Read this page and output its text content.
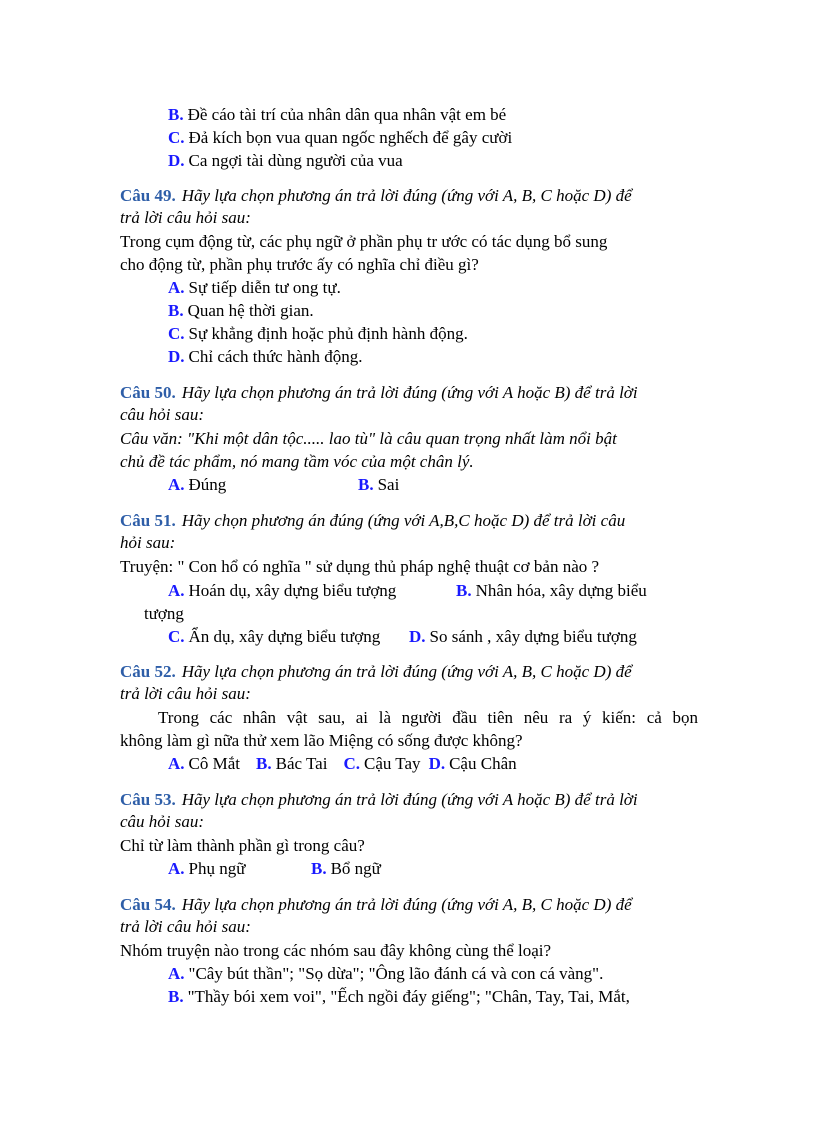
B. Đề cáo tài trí của nhân dân qua nhân vật em bé
C. Đả kích bọn vua quan ngốc nghếch để gây cười
D. Ca ngợi tài dùng người của vua
Câu 49. Hãy lựa chọn phương án trả lời đúng (ứng với A, B, C hoặc D) để
trả lời câu hỏi sau:
Trong cụm động từ, các phụ ngữ ở phần phụ tr ước có tác dụng bổ sung
cho động từ, phần phụ trước ấy có nghĩa chỉ điều gì?
A. Sự tiếp diễn tư ong tự.
B. Quan hệ thời gian.
C. Sự khẳng định hoặc phủ định hành động.
D. Chỉ cách thức hành động.
Câu 50. Hãy lựa chọn phương án trả lời đúng (ứng với A hoặc B) để trả lời
câu hỏi sau:
Câu văn: "Khi một dân tộc..... lao tù" là câu quan trọng nhất làm nổi bật
chủ đề tác phẩm, nó mang tầm vóc của một chân lý.
A. Đúng	B. Sai
Câu 51. Hãy chọn phương án đúng (ứng với A,B,C hoặc D) để trả lời câu
hỏi sau:
Truyện: " Con hổ có nghĩa " sử dụng thủ pháp nghệ thuật cơ bản nào ?
A. Hoán dụ, xây dựng biểu tượng	B. Nhân hóa, xây dựng biểu
tượng
C. Ẩn dụ, xây dựng biểu tượng D. So sánh , xây dựng biểu tượng
Câu 52. Hãy lựa chọn phương án trả lời đúng (ứng với A, B, C hoặc D) để
trả lời câu hỏi sau:
Trong các nhân vật sau, ai là người đầu tiên nêu ra ý kiến: cả bọn
không làm gì nữa thử xem lão Miệng có sống được không?
A. Cô Mắt B. Bác Tai C. Cậu Tay D. Cậu Chân
Câu 53. Hãy lựa chọn phương án trả lời đúng (ứng với A hoặc B) để trả lời
câu hỏi sau:
Chỉ từ làm thành phần gì trong câu?
A. Phụ ngữ	B. Bổ ngữ
Câu 54. Hãy lựa chọn phương án trả lời đúng (ứng với A, B, C hoặc D) để
trả lời câu hỏi sau:
Nhóm truyện nào trong các nhóm sau đây không cùng thể loại?
A. "Cây bút thần"; "Sọ dừa"; "Ông lão đánh cá và con cá vàng".
B. "Thầy bói xem voi", "Ếch ngồi đáy giếng"; "Chân, Tay, Tai, Mắt,
